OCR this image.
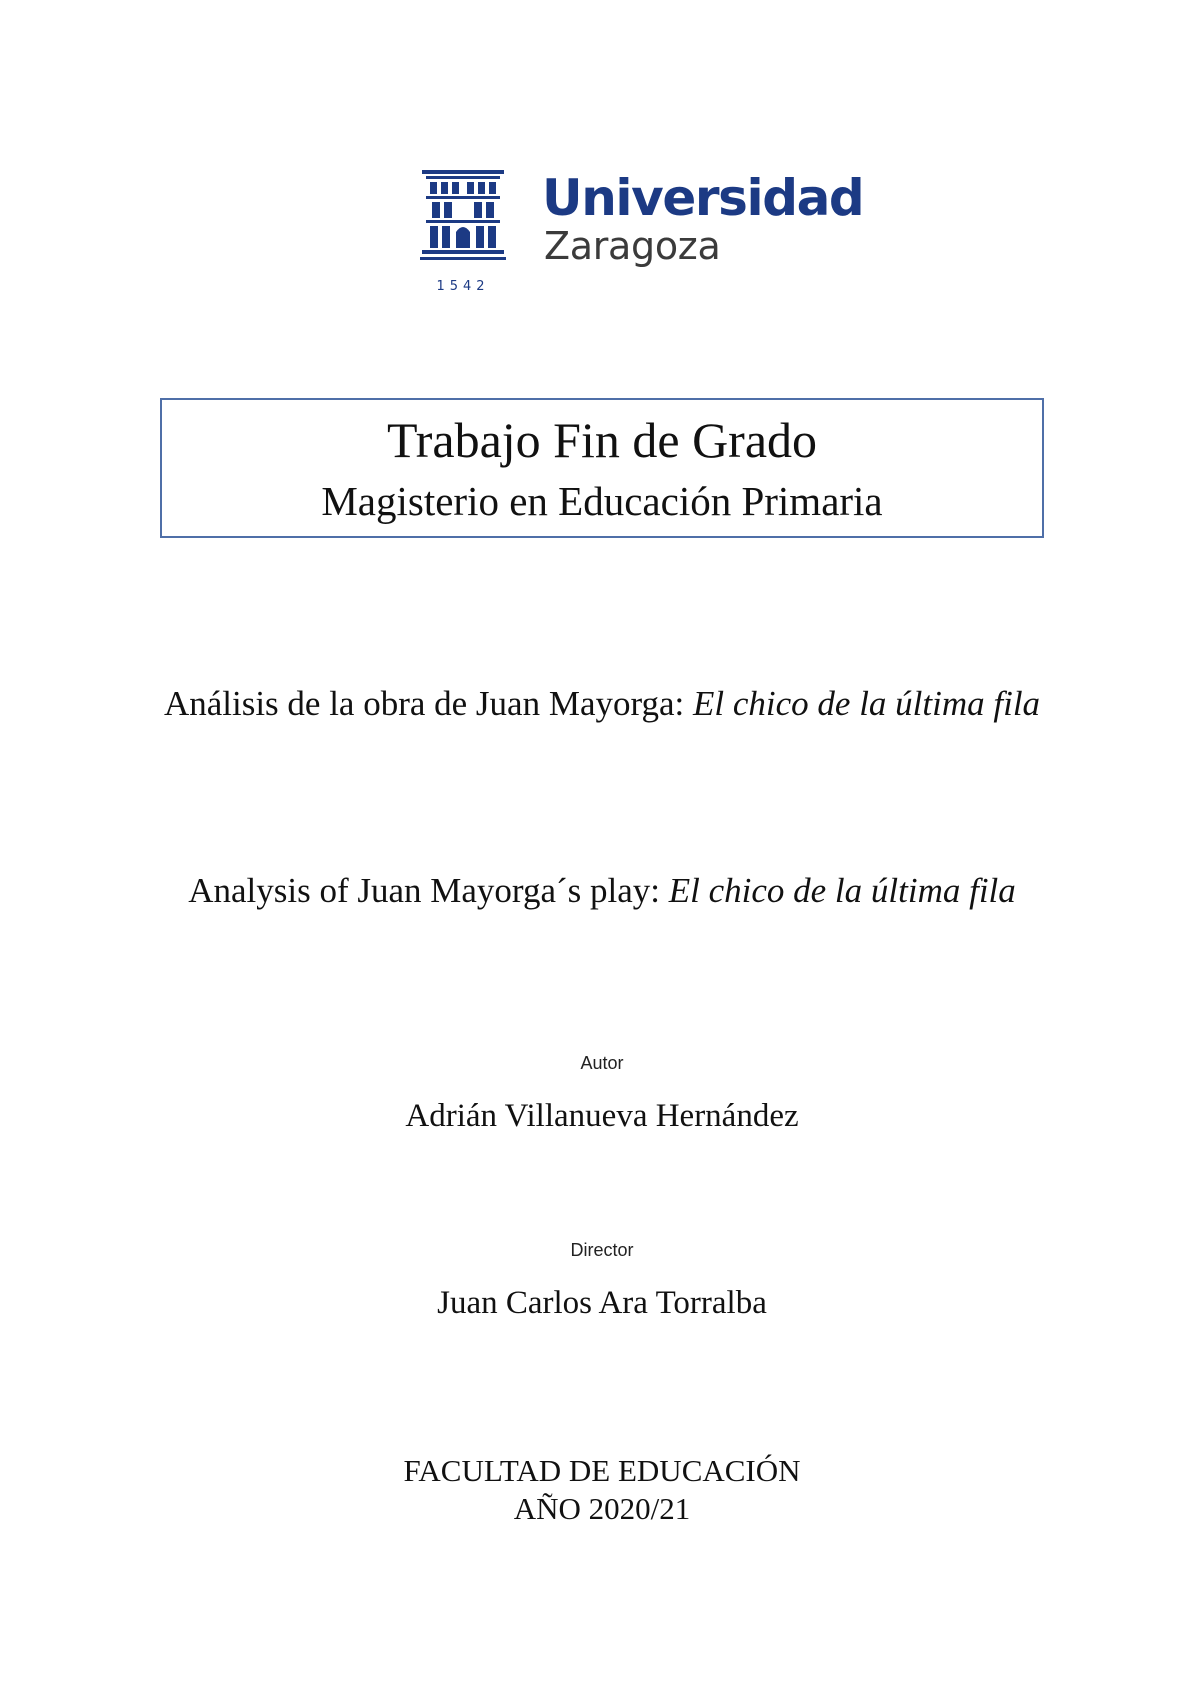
1542
Universidad
Zaragoza
Trabajo Fin de Grado
Magisterio en Educación Primaria
Análisis de la obra de Juan Mayorga: El chico de la última fila
Analysis of Juan Mayorga´s play: El chico de la última fila
Autor
Adrián Villanueva Hernández
Director
Juan Carlos Ara Torralba
FACULTAD DE EDUCACIÓN
AÑO 2020/21
